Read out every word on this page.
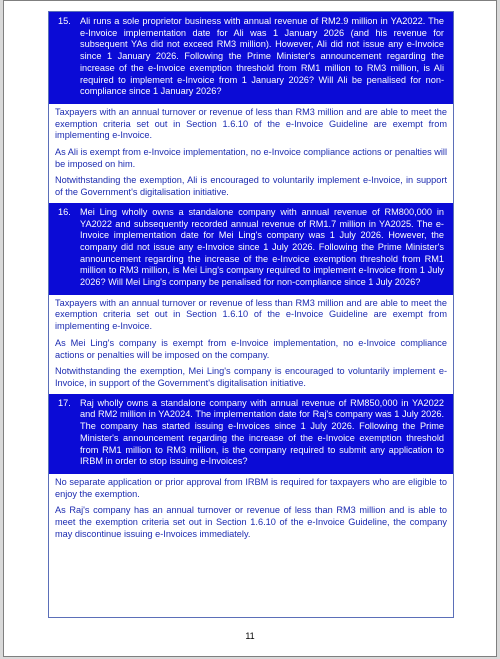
15. Ali runs a sole proprietor business with annual revenue of RM2.9 million in YA2022. The e-Invoice implementation date for Ali was 1 January 2026 (and his revenue for subsequent YAs did not exceed RM3 million). However, Ali did not issue any e-Invoice since 1 January 2026. Following the Prime Minister's announcement regarding the increase of the e-Invoice exemption threshold from RM1 million to RM3 million, is Ali required to implement e-Invoice from 1 January 2026? Will Ali be penalised for non-compliance since 1 January 2026?

Taxpayers with an annual turnover or revenue of less than RM3 million and are able to meet the exemption criteria set out in Section 1.6.10 of the e-Invoice Guideline are exempt from implementing e-Invoice.

As Ali is exempt from e-Invoice implementation, no e-Invoice compliance actions or penalties will be imposed on him.

Notwithstanding the exemption, Ali is encouraged to voluntarily implement e-Invoice, in support of the Government's digitalisation initiative.

16. Mei Ling wholly owns a standalone company with annual revenue of RM800,000 in YA2022 and subsequently recorded annual revenue of RM1.7 million in YA2025. The e-Invoice implementation date for Mei Ling's company was 1 July 2026. However, the company did not issue any e-Invoice since 1 July 2026. Following the Prime Minister's announcement regarding the increase of the e-Invoice exemption threshold from RM1 million to RM3 million, is Mei Ling's company required to implement e-Invoice from 1 July 2026? Will Mei Ling's company be penalised for non-compliance since 1 July 2026?

Taxpayers with an annual turnover or revenue of less than RM3 million and are able to meet the exemption criteria set out in Section 1.6.10 of the e-Invoice Guideline are exempt from implementing e-Invoice.

As Mei Ling's company is exempt from e-Invoice implementation, no e-Invoice compliance actions or penalties will be imposed on the company.

Notwithstanding the exemption, Mei Ling's company is encouraged to voluntarily implement e-Invoice, in support of the Government's digitalisation initiative.

17. Raj wholly owns a standalone company with annual revenue of RM850,000 in YA2022 and RM2 million in YA2024. The implementation date for Raj's company was 1 July 2026. The company has started issuing e-Invoices since 1 July 2026. Following the Prime Minister's announcement regarding the increase of the e-Invoice exemption threshold from RM1 million to RM3 million, is the company required to submit any application to IRBM in order to stop issuing e-Invoices?

No separate application or prior approval from IRBM is required for taxpayers who are eligible to enjoy the exemption.

As Raj's company has an annual turnover or revenue of less than RM3 million and is able to meet the exemption criteria set out in Section 1.6.10 of the e-Invoice Guideline, the company may discontinue issuing e-Invoices immediately.

11
